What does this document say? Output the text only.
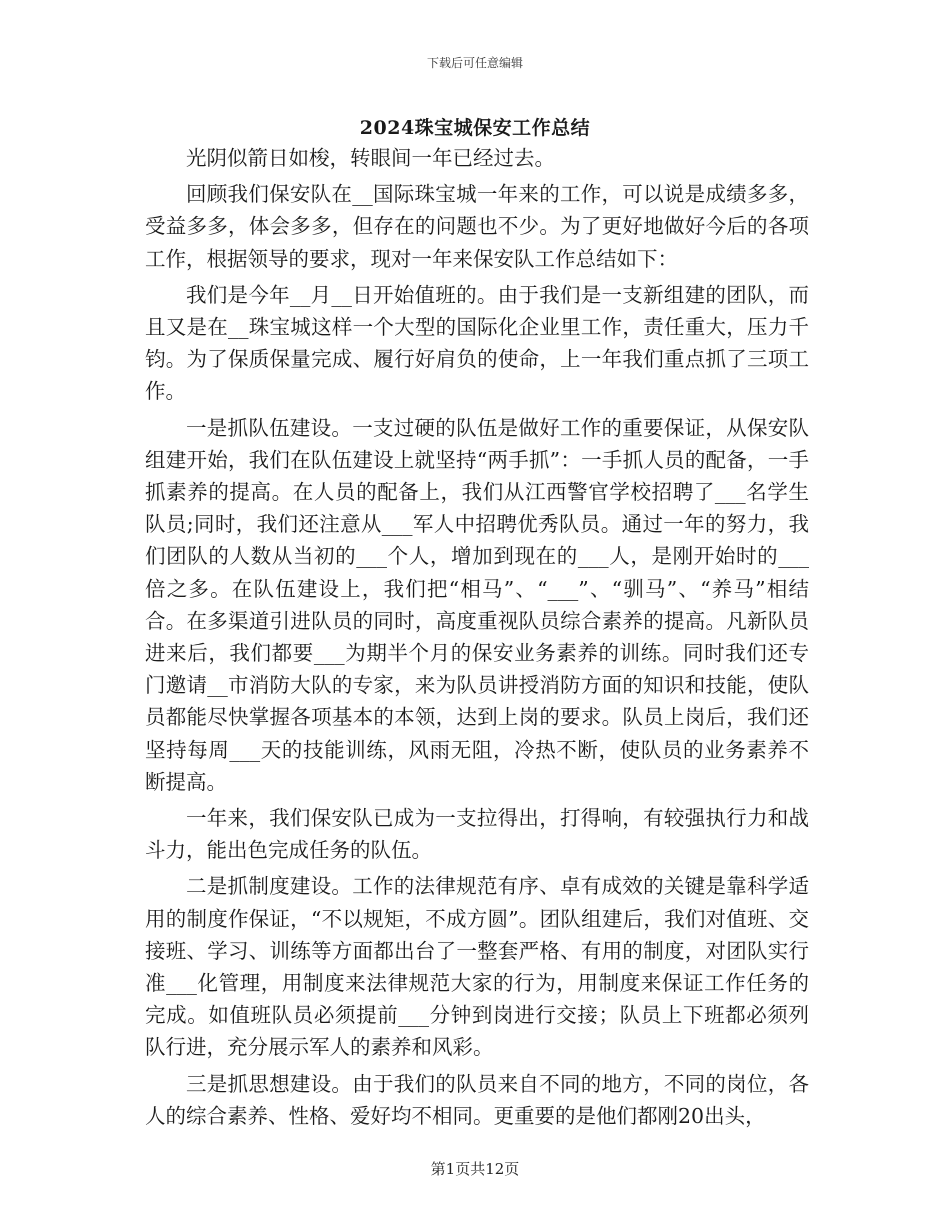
下载后可任意编辑
2024珠宝城保安工作总结

光阴似箭日如梭，转眼间一年已经过去。

回顾我们保安队在__国际珠宝城一年来的工作，可以说是成绩多多，受益多多，体会多多，但存在的问题也不少。为了更好地做好今后的各项工作，根据领导的要求，现对一年来保安队工作总结如下：

我们是今年__月__日开始值班的。由于我们是一支新组建的团队，而且又是在__珠宝城这样一个大型的国际化企业里工作，责任重大，压力千钧。为了保质保量完成、履行好肩负的使命，上一年我们重点抓了三项工作。

一是抓队伍建设。一支过硬的队伍是做好工作的重要保证，从保安队组建开始，我们在队伍建设上就坚持“两手抓”：一手抓人员的配备，一手抓素养的提高。在人员的配备上，我们从江西警官学校招聘了___名学生队员;同时，我们还注意从___军人中招聘优秀队员。通过一年的努力，我们团队的人数从当初的___个人，增加到现在的___人，是刚开始时的___倍之多。在队伍建设上，我们把“相马”、“___”、“驯马”、“养马”相结合。在多渠道引进队员的同时，高度重视队员综合素养的提高。凡新队员进来后，我们都要___为期半个月的保安业务素养的训练。同时我们还专门邀请__市消防大队的专家，来为队员讲授消防方面的知识和技能，使队员都能尽快掌握各项基本的本领，达到上岗的要求。队员上岗后，我们还坚持每周___天的技能训练，风雨无阻，冷热不断，使队员的业务素养不断提高。

一年来，我们保安队已成为一支拉得出，打得响，有较强执行力和战斗力，能出色完成任务的队伍。

二是抓制度建设。工作的法律规范有序、卓有成效的关键是靠科学适用的制度作保证，“不以规矩，不成方圆”。团队组建后，我们对值班、交接班、学习、训练等方面都出台了一整套严格、有用的制度，对团队实行准___化管理，用制度来法律规范大家的行为，用制度来保证工作任务的完成。如值班队员必须提前___分钟到岗进行交接；队员上下班都必须列队行进，充分展示军人的素养和风彩。

三是抓思想建设。由于我们的队员来自不同的地方，不同的岗位，各人的综合素养、性格、爱好均不相同。更重要的是他们都刚20出头，

第1页共12页
